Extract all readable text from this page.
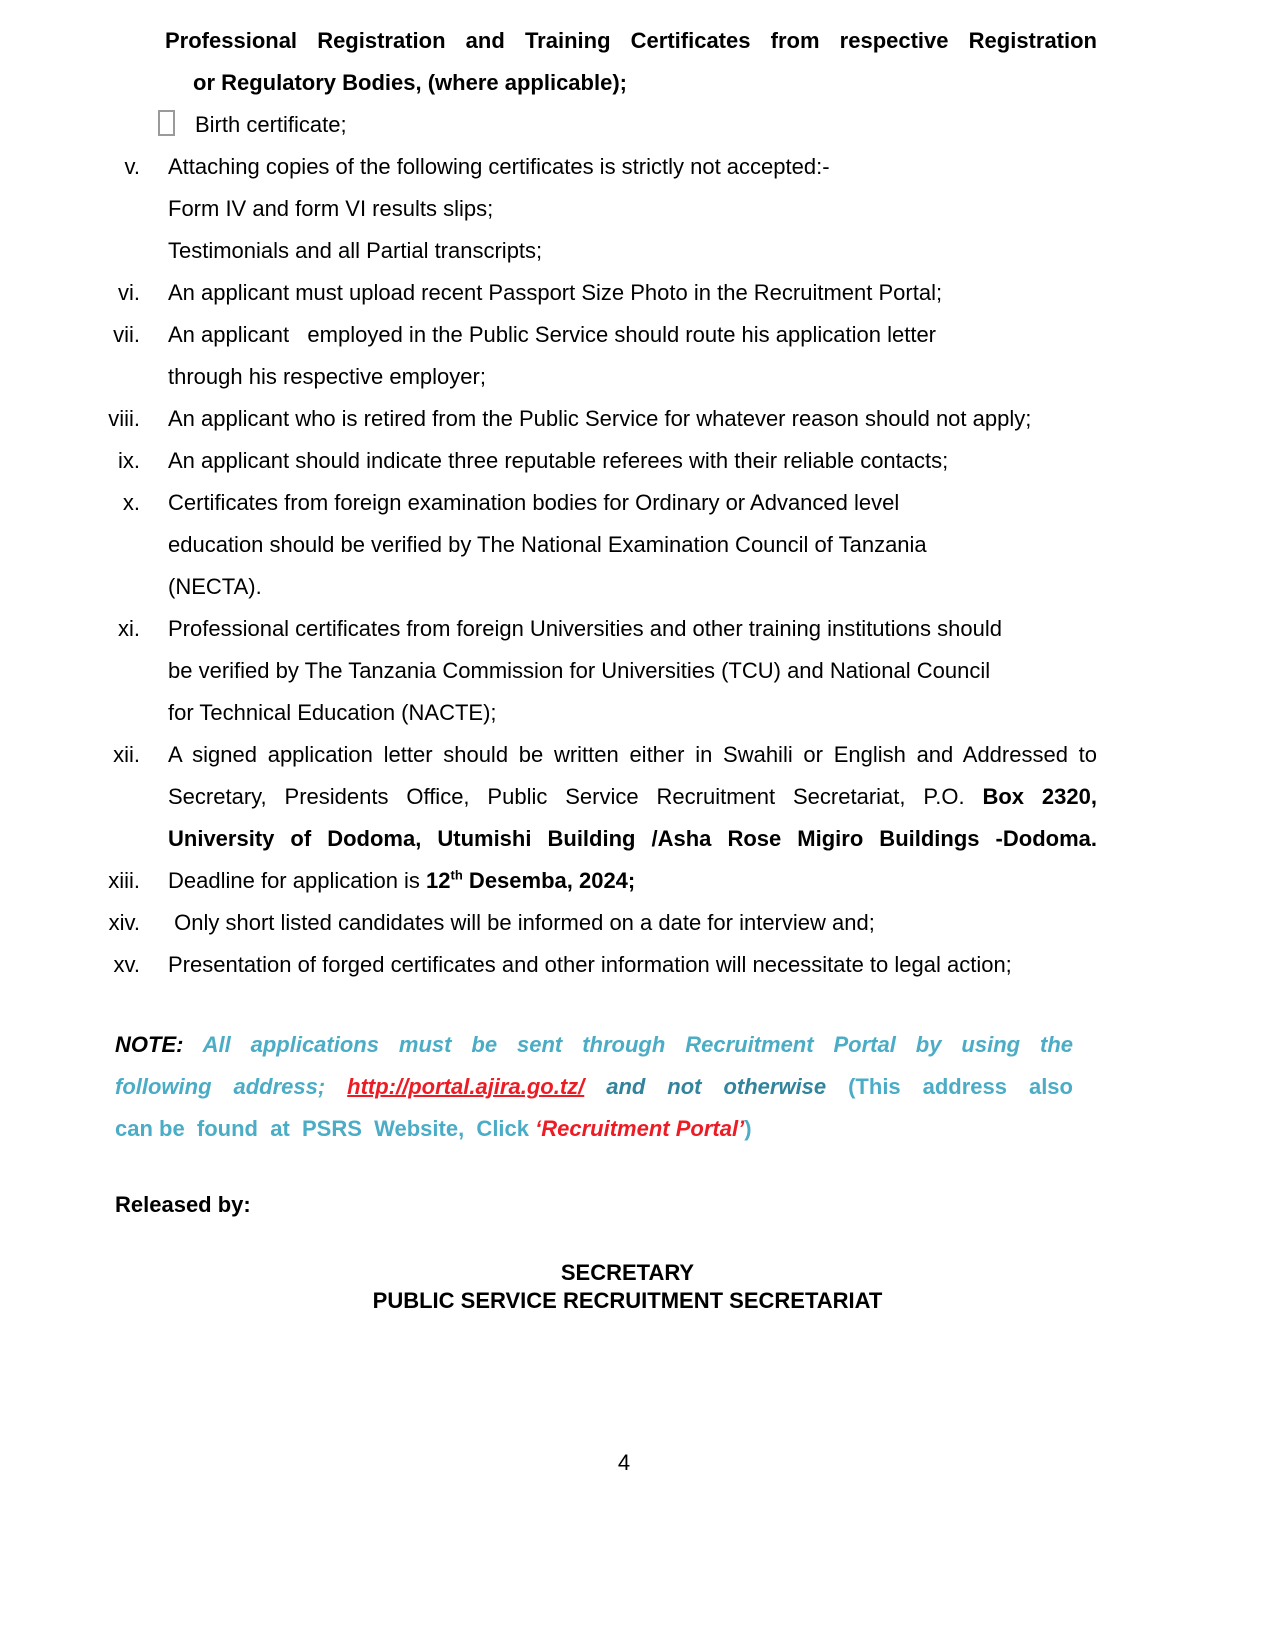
Professional Registration and Training Certificates from respective Registration
or Regulatory Bodies, (where applicable);
Birth certificate;
v. Attaching copies of the following certificates is strictly not accepted:-
Form IV and form VI results slips;
Testimonials and all Partial transcripts;
vi. An applicant must upload recent Passport Size Photo in the Recruitment Portal;
vii. An applicant   employed in the Public Service should route his application letter
through his respective employer;
viii. An applicant who is retired from the Public Service for whatever reason should not apply;
ix. An applicant should indicate three reputable referees with their reliable contacts;
x. Certificates from foreign examination bodies for Ordinary or Advanced level
education should be verified by The National Examination Council of Tanzania
(NECTA).
xi. Professional certificates from foreign Universities and other training institutions should
be verified by The Tanzania Commission for Universities (TCU) and National Council
for Technical Education (NACTE);
xii. A signed application letter should be written either in Swahili or English and Addressed to
Secretary, Presidents Office, Public Service Recruitment Secretariat, P.O. Box 2320,
University of Dodoma, Utumishi Building /Asha Rose Migiro Buildings -Dodoma.
xiii. Deadline for application is 12th Desemba, 2024;
xiv. Only short listed candidates will be informed on a date for interview and;
xv. Presentation of forged certificates and other information will necessitate to legal action;
NOTE: All applications must be sent through Recruitment Portal by using the
following address; http://portal.ajira.go.tz/ and not otherwise (This address also
can be  found  at  PSRS  Website,  Click ‘Recruitment Portal’)
Released by:
SECRETARY
PUBLIC SERVICE RECRUITMENT SECRETARIAT
4
